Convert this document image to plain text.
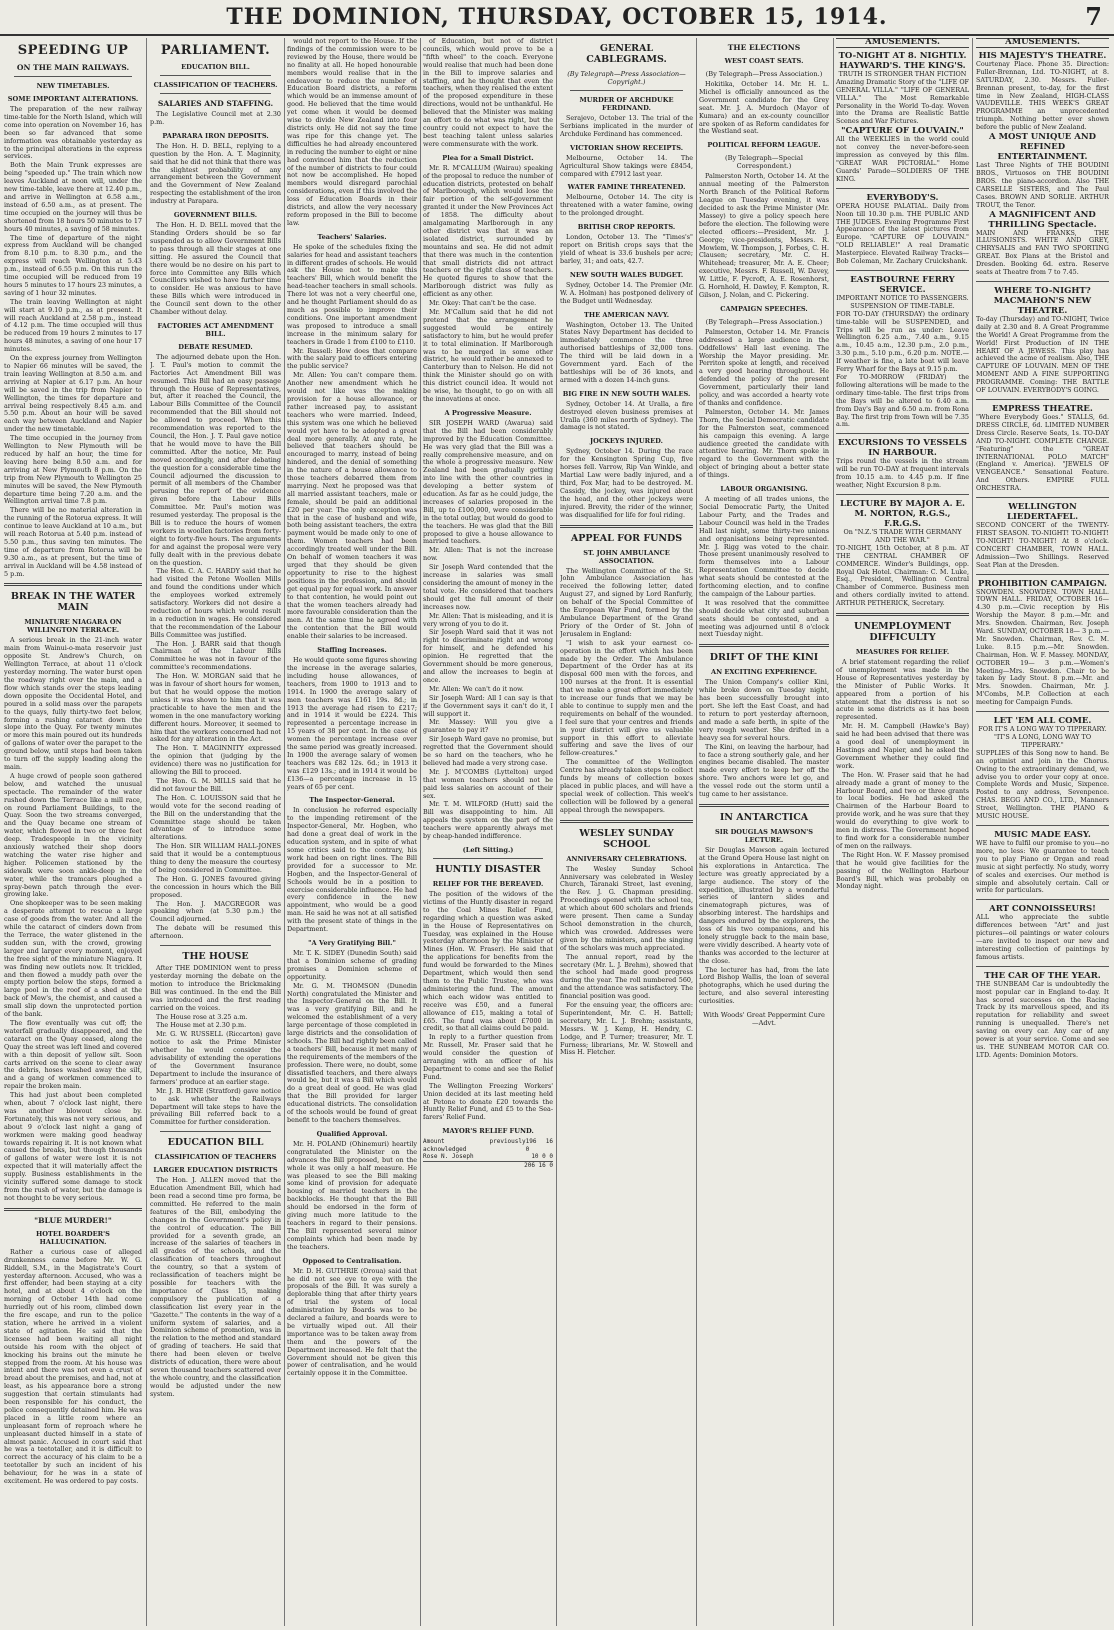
THE DOMINION, THURSDAY, OCTOBER 15, 1914.	7
SPEEDING UP
ON THE MAIN RAILWAYS.
NEW TIMETABLES.
SOME IMPORTANT ALTERATIONS.

The preparation of the new railway time-table for the North Island, which will come into operation on November 16, has been so far advanced that some information was obtainable yesterday as to the principal alterations in the express services.

Both the Main Trunk expresses are being "speeded up." The train which now leaves Auckland at noon will, under the new time-table, leave there at 12.40 p.m., and arrive in Wellington at 6.58 a.m., instead of 6.50 a.m., as at present. The time occupied on the journey will thus be shortened from 18 hours 50 minutes to 17 hours 40 minutes, a saving of 58 minutes.

The time of departure of the night express from Auckland will be changed from 8.10 p.m. to 8.30 p.m., and the express will reach Wellington at 5.43 p.m., instead of 6.55 p.m. On this run the time occupied will be reduced from 19 hours 5 minutes to 17 hours 23 minutes, a saving of 1 hour 32 minutes.

The train leaving Wellington at night will start at 9.10 p.m., as at present. It will reach Auckland at 2.58 p.m., instead of 4.12 p.m. The time occupied will thus be reduced from 19 hours 2 minutes to 17 hours 48 minutes, a saving of one hour 17 minutes.

On the express journey from Wellington to Napier 66 minutes will be saved, the train leaving Wellington at 8.50 a.m. and arriving at Napier at 6.17 p.m. An hour will be saved in the trip from Napier to Wellington, the times for departure and arrival being respectively 8.45 a.m. and 5.50 p.m. About an hour will be saved each way between Auckland and Napier under the new timetable.

The time occupied in the journey from Wellington to New Plymouth will be reduced by half an hour, the time for leaving here being 8.50 a.m. and for arriving at New Plymouth 8 p.m. On the trip from New Plymouth to Wellington 25 minutes will be saved, the New Plymouth departure time being 7.20 a.m. and the Wellington arrival time 7.8 p.m.

There will be no material alteration in the running of the Rotorua express. It will continue to leave Auckland at 10 a.m., but will reach Rotorua at 5.40 p.m. instead of 5.50 p.m., thus saving ten minutes. The time of departure from Rotorua will be 9.30 a.m., as at present, but the time of arrival in Auckland will be 4.58 instead of 5 p.m.

BREAK IN THE WATER MAIN
MINIATURE NIAGARA ON WILLINGTON TERRACE.

A serious break in the 21-inch water main from Wainui-o-mata reservoir just opposite St. Andrew's Church, on Wellington Terrace, at about 11 o'clock yesterday morning. The water burst open the roadway right over the main, and a flow which stands over the steps leading down opposite the Occidental Hotel, and poured in a solid mass over the parapets to the quays, fully thirty-two feet below, forming a rushing cataract down the slope into the Quay. For twenty minutes or more this main poured out its hundreds of gallons of water over the parapet to the ground below, until steps had been taken to turn off the supply leading along the main.

A huge crowd of people soon gathered below, and watched the unusual spectacle. The remainder of the water rushed down the Terrace like a mill race, on round Parliament Buildings, to the Quay. Soon the two streams converged, and the Quay became one stream of water, which flowed in two or three feet deep. Tradespeople in the vicinity anxiously watched their shop doors watching the water rise higher and higher. Policemen stationed by the sidewalk were soon ankle-deep in the water, while the tramcars ploughed a spray-bewn patch through the ever-growing lake.

One shopkeeper was to be seen making a desperate attempt to rescue a large case of goods from the water. And all the while the cataract of cinders down from the Terrace, the water glistened in the sudden sun, with the crowd, growing larger and larger every moment, enjoyed the free sight of the miniature Niagara. It was finding new outlets now. It trickled, and then flowed a muddy path over the empty portion below the steps, formed a large pool in the roof of a shed at the back of Mew's, the chemist, and caused a small slip down the unprotected portion of the bank.

The flow eventually was cut off; the waterfall gradually disappeared, and the cataract on the Quay ceased, along the Quay the street was left lined and covered with a thin deposit of yellow silt. Soon carts arrived on the scene to clear away the debris, hoses washed away the silt, and a gang of workmen commenced to repair the broken main.

This had just about been completed when, about 7 o'clock last night, there was another blowout close by. Fortunately, this was not very serious, and about 9 o'clock last night a gang of workmen were making good headway towards repairing it. It is not known what caused the breaks, but though thousands of gallons of water were lost it is not expected that it will materially affect the supply. Business establishments in the vicinity suffered some damage to stock from the rush of water, but the damage is not thought to be very serious.

"BLUE MURDER!"
HOTEL BOARDER'S HALLUCINATION.

Rather a curious case of alleged drunkenness came before Mr. W. G. Riddell, S.M., in the Magistrate's Court yesterday afternoon. Accused, who was a first offender, had been staying at a city hotel, and at about 4 o'clock on the morning of October 14th had come hurriedly out of his room, climbed down the fire escape, and run to the police station, where he arrived in a violent state of agitation. He said that the licensee had been waiting all night outside his room with the object of knocking his brains out the minute he stepped from the room. At his house was intent and there was not even a crust of bread about the premises, and had, not at least, as his appearance bore a strong suggestion that certain stimulants had been responsible for his conduct, the police consequently detained him. He was placed in a little room where an unpleasant form of reproach where he unpleasant ducted himself in a state of almost panic. Accused in court said that he was a teetotaller, and it is difficult to correct the accuracy of his claim to be a teetotaller by such an incident of his behaviour, for he was in a state of excitement. He was ordered to pay costs.

PARLIAMENT.
EDUCATION BILL.
CLASSIFICATION OF TEACHERS.
SALARIES AND STAFFING.

The Legislative Council met at 2.30 p.m.

PAPARARA IRON DEPOSITS.

The Hon. H. D. BELL, replying to a question by the Hon. A. T. Maginnity, said that he did not think that there was the slightest probability of any arrangement between the Government and the Government of New Zealand respecting the establishment of the iron industry at Parapara.

GOVERNMENT BILLS.

The Hon. H. D. BELL moved that the Standing Orders should be so far suspended as to allow Government Bills to pass through all their stages at one sitting. He assured the Council that there would be no desire on his part to force into Committee any Bills which Councillors wished to have further time to consider. He was anxious to have these Bills which were introduced in the Council sent down to the other Chamber without delay.

FACTORIES ACT AMENDMENT BILL.
DEBATE RESUMED.

The adjourned debate upon the Hon. J. T. Paul's motion to commit the Factories Act Amendment Bill was resumed. This Bill had an easy passage through the House of Representatives, but, after it reached the Council, the Labour Bills Committee of the Council recommended that the Bill should not be allowed to proceed. When this recommendation was reported to the Council, the Hon. J. T. Paul gave notice that he would move to have the Bill committed. After the notice, Mr. Paul moved accordingly, and after debating the question for a considerable time the Council adjourned the discussion to permit of all members of the Chamber perusing the report of the evidence given before the Labour Bills Committee. Mr. Paul's motion was resumed yesterday. The proposal is the Bill is to reduce the hours of women workers in woollen factories from forty-eight to forty-five hours. The arguments for and against the proposal were very fully dealt with in the previous debate on the question.

The Hon. C. A. C. HARDY said that he had visited the Petone Woollen Mills and found the conditions under which the employees worked extremely satisfactory. Workers did not desire a reduction of hours which would result in a reduction in wages. He considered that the recommendation of the Labour Bills Committee was justified.

The Hon. J. BARR said that though Chairman of the Labour Bills Committee he was not in favour of the committee's recommendations.

The Hon. W. MORGAN said that he was in favour of short hours for women, but that he would oppose the motion unless it was shown to him that it was practicable to have the men and the women in the one manufactory working different hours. Moreover, it seemed to him that the workers concerned had not asked for any alteration in the Act.

The Hon. T. MAGINNITY expressed the opinion that (judging by the evidence) there was no justification for allowing the Bill to proceed.

The Hon. G. M. MILLS said that he did not favour the Bill.

The Hon. C. LOUISSON said that he would vote for the second reading of the Bill on the understanding that the Committee stage should be taken advantage of to introduce some alterations.

The Hon. SIR WILLIAM HALL-JONES said that it would be a contemptuous thing to deny the measure the courtesy of being considered in Committee.

The Hon. G. JONES favoured giving the concession in hours which the Bill proposed.

The Hon. J. MACGREGOR was speaking when (at 5.30 p.m.) the Council adjourned.

The debate will be resumed this afternoon.

THE HOUSE

After THE DOMINION went to press yesterday morning the debate on the motion to introduce the Brickmaking Bill was continued. In the end the Bill was introduced and the first reading carried on the voices.

The House rose at 3.25 a.m.

The House met at 2.30 p.m.

Mr. G. W. RUSSELL (Riccarton) gave notice to ask the Prime Minister whether he would consider the advisability of extending the operations of the Government Insurance Department to include the insurance of farmers' produce at an earlier stage.

Mr. J. B. HINE (Stratford) gave notice to ask whether the Railways Department will take steps to have the prevailing Bill referred back to a Committee for further consideration.

EDUCATION BILL
CLASSIFICATION OF TEACHERS
LARGER EDUCATION DISTRICTS

The Hon. J. ALLEN moved that the Education Amendment Bill, which had been read a second time pro forma, be committed. He referred to the main features of the Bill, embodying the changes in the Government's policy in the control of education. The Bill provided for a seventh grade, an increase of the salaries of teachers in all grades of the schools, and the classification of teachers throughout the country, so that a system of reclassification of teachers might be possible for teachers with the importance of Class 15, making compulsory the publication of a classification list every year in the "Gazette." The contents in the way of a uniform system of salaries, and a Dominion scheme of promotion, was in the relation to the method and standard of grading of teachers. He said that there had been eleven or twelve districts of education, there were about seven thousand teachers scattered over the whole country, and the classification would be adjusted under the new system.

would not report to the House. If the findings of the commission were to be reviewed by the House, there would be no finality at all. He hoped honourable members would realise that in the endeavour to reduce the number of Education Board districts, a reform which would be an immense amount of good. He believed that the time would yet come when it would be deemed wise to divide New Zealand into four districts only. He did not say the time was ripe for this change yet. The difficulties he had already encountered in reducing the number to eight or nine had convinced him that the reduction of the number of districts to four could not now be accomplished. He hoped members would disregard parochial considerations, even if this involved the loss of Education Boards in their districts, and allow the very necessary reform proposed in the Bill to become law.

Teachers' Salaries.

He spoke of the schedules fixing the salaries for head and assistant teachers in different grades of schools. He would ask the House not to make this teachers' Bill, which would benefit the head-teacher teachers in small schools. There lot was not a very cheerful one, and he thought Parliament should do as much as possible to improve their conditions. One important amendment was proposed to introduce a small increase in the minimum salary for teachers in Grade 1 from £100 to £110.

Mr. Russell: How does that compare with the salary paid to officers entering the public service?

Mr. Allen: You can't compare them. Another new amendment which he would not like was the making provision for a house allowance, or rather increased pay, to assistant teachers who were married. Indeed, this system was one which he believed would yet have to be adopted a great deal more generally. At any rate, he believed that teachers should be encouraged to marry, instead of being hindered, and the denial of something in the nature of a house allowance to those teachers debarred them from marrying. Next he proposed was that all married assistant teachers, male or female, should be paid an additional £20 per year. The only exception was that in the case of husband and wife, both being assistant teachers, the extra payment would be made only to one of them. Women teachers had been accordingly treated well under the Bill. On behalf of women teachers it was urged that they should be given opportunity to rise to the highest positions in the profession, and should get equal pay for equal work. In answer to that contention, he would point out that the women teachers already had more favourable consideration than the men. At the same time he agreed with the contention that the Bill would enable their salaries to be increased.

Staffing Increases.

He would quote some figures showing the increase in the average salaries, including house allowances, of teachers, from 1900 to 1913 and to 1914. In 1900 the average salary of men teachers was £161 19s. 8d.; in 1913 the average had risen to £217; and in 1914 it would be £224. This represented a percentage increase in 15 years of 38 per cent. In the case of women the percentage increase over the same period was greatly increased. In 1900 the average salary of women teachers was £82 12s. 6d.; in 1913 it was £129 13s.; and in 1914 it would be £136—a percentage increase in 15 years of 65 per cent.

The Inspector-General.

In conclusion he referred especially to the impending retirement of the Inspector-General, Mr. Hogben, who had done a great deal of work in the education system, and in spite of what some critics said to the contrary, his work had been on right lines. The Bill provided for a successor to Mr. Hogben, and the Inspector-General of Schools would be in a position to exercise considerable influence. He had every confidence in the new appointment, who would be a good man. He said he was not at all satisfied with the present state of things in the Department.

"A Very Gratifying Bill."

Mr. T. K. SIDEY (Dunedin South) said that a Dominion scheme of grading promises a Dominion scheme of opportunity.

Mr. G. M. THOMSON (Dunedin North) congratulated the Minister and the Inspector-General on the Bill. It was a very gratifying Bill, and he welcomed the establishment of a very large percentage of those completed in large districts and the consolidation of schools. The Bill had rightly been called a teachers' Bill, because it met many of the requirements of the members of the profession. There were, no doubt, some dissatisfied teachers, and there always would be, but it was a Bill which would do a great deal of good. He was glad that the Bill provided for larger educational districts. The consolidation of the schools would be found of great benefit to the teachers themselves.

Qualified Approval.

Mr. H. POLAND (Ohinemuri) heartily congratulated the Minister on the advances the Bill proposed, but on the whole it was only a half measure. He was pleased to see the Bill making some kind of provision for adequate housing of married teachers in the backblocks. He thought that the Bill should be endorsed in the form of giving much more latitude to the teachers in regard to their pensions. The Bill represented several minor complaints which had been made by the teachers.

Opposed to Centralisation.

Mr. D. H. GUTHRIE (Oroua) said that he did not see eye to eye with the proposals of the Bill. It was surely a deplorable thing that after thirty years of trial the system of local administration by Boards was to be declared a failure, and boards were to be virtually wiped out. All their importance was to be taken away from them and the powers of the Department increased. He felt that the Government should not be given this power of centralisation, and he would certainly oppose it in the Committee.

of Education, but not of district councils, which would prove to be a "fifth wheel" to the coach. Everyone would realise that much had been done in the Bill to improve salaries and staffing, and he thought that even the teachers, when they realised the extent of the proposed expenditure in these directions, would not be unthankful. He believed that the Minister was making an effort to do what was right, but the country could not expect to have the best teaching talent unless salaries were commensurate with the work.

Plea for a Small District.

Mr. R. M'CALLUM (Wairau) speaking of the proposal to reduce the number of education districts, protested on behalf of Marlborough, which would lose the fair portion of the self-government granted it under the New Provinces Act of 1858. The difficulty about amalgamating Marlborough in any other district was that it was an isolated district, surrounded by mountains and sea. He did not admit that there was much in the contention that small districts did not attract teachers or the right class of teachers. He quoted figures to show that the Marlborough district was fully as efficient as any other.

Mr. Okey: That can't be the case.

Mr. M'Callum said that he did not pretend that the arrangement he suggested would be entirely satisfactory to him, but he would prefer it to total elimination. If Marlborough was to be merged in some other district, he would rather be annexed to Canterbury than to Nelson. He did not think the Minister should go on with this district council idea. It would not be wise, he thought, to go on with all the innovations at once.

A Progressive Measure.

SIR JOSEPH WARD (Awarua) said that the Bill had been considerably improved by the Education Committee. He was very glad that the Bill was a really comprehensive measure, and on the whole a progressive measure. New Zealand had been gradually getting into line with the other countries in developing a better system of education. As far as he could judge, the increases of salaries proposed in the Bill, up to £100,000, were considerable in the total outlay, but would do good to the teachers. He was glad that the Bill proposed to give a house allowance to married teachers.

Mr. Allen: That is not the increase now.

Sir Joseph Ward contended that the increase in salaries was small considering the amount of money in the total vote. He considered that teachers should get the full amount of their increases now.

Mr. Allen: That is misleading, and it is very wrong of you to do it.

Sir Joseph Ward said that it was not right to discriminate right and wrong for himself, and he defended his opinion. He regretted that the Government should be more generous, and allow the increases to begin at once.

Mr. Allen: We can't do it now.

Sir Joseph Ward: All I can say is that if the Government says it can't do it, I will support it.

Mr. Massey: Will you give a guarantee to pay it?

Sir Joseph Ward gave no promise, but regretted that the Government should be so hard on the teachers, who he believed had made a very strong case.

Mr. J. M'COMBS (Lyttelton) urged that women teachers should not be paid less salaries on account of their sex.

Mr. T. M. WILFORD (Hutt) said the Bill was disappointing to him. All appeals the system on the part of the teachers were apparently always met by cheap-handed indifference.

(Left Sitting.)
HUNTLY DISASTER
RELIEF FOR THE BEREAVED.

The position of the widows of the victims of the Huntly disaster in regard to the Coal Mines Relief Fund, regarding which a question was asked in the House of Representatives on Tuesday, was explained in the House yesterday afternoon by the Minister of Mines (Hon. W. Fraser). He said that the applications for benefits from the fund would be forwarded to the Mines Department, which would then send them to the Public Trustee, who was administering the fund. The amount which each widow was entitled to receive was £50, and a funeral allowance of £15, making a total of £65. The fund was about £7000 in credit, so that all claims could be paid.

In reply to a further question from Mr. Russell, Mr. Fraser said that he would consider the question of arranging with an officer of his Department to come and see the Relief Fund.

The Wellington Freezing Workers' Union decided at its last meeting held at Petone to donate £20 towards the Huntly Relief Fund, and £5 to the Sea-farers' Relief Fund.

MAYOR'S RELIEF FUND.
Amount previously acknowledged
196 16 0
Rose N. Joseph	10 0 0
206 16 0
GENERAL CABLEGRAMS.
(By Telegraph—Press Association—Copyright.)
MURDER OF ARCHDUKE FERDINAND.

Serajevo, October 13. The trial of the Serbians implicated in the murder of Archduke Ferdinand has commenced.

VICTORIAN SHOW RECEIPTS.

Melbourne, October 14. The Agricultural Show takings were £8454, compared with £7912 last year.

WATER FAMINE THREATENED.

Melbourne, October 14. The city is threatened with a water famine, owing to the prolonged drought.

BRITISH CROP REPORTS.

London, October 13. The "Times's" report on British crops says that the yield of wheat is 33.6 bushels per acre; barley, 31; and oats, 42.7.

NEW SOUTH WALES BUDGET.

Sydney, October 14. The Premier (Mr. W. A. Holman) has postponed delivery of the Budget until Wednesday.

THE AMERICAN NAVY.

Washington, October 13. The United States Navy Department has decided to immediately commence the three authorised battleships of 32,000 tons. The third will be laid down in a Government yard. Each of the battleships will be of 36 knots, and armed with a dozen 14-inch guns.

BIG FIRE IN NEW SOUTH WALES.

Sydney, October 14. At Uralla, a fire destroyed eleven business premises at Uralla (360 miles north of Sydney). The damage is not stated.

JOCKEYS INJURED.

Sydney, October 14. During the race for the Kensington Spring Cup, five horses fell. Varrow, Rip Van Winkle, and Martial Law were badly injured, and a third, Fox Mar, had to be destroyed. M. Cassidy, the jockey, was injured about the head, and the other jockeys were injured. Brevity, the rider of the winner, was disqualified for life for foul riding.

APPEAL FOR FUNDS
ST. JOHN AMBULANCE ASSOCIATION.

The Wellington Committee of the St. John Ambulance Association has received the following letter, dated August 27, and signed by Lord Ranfurly, on behalf of the Special Committee of the European War Fund, formed by the Ambulance Department of the Grand Priory of the Order of St. John of Jerusalem in England:

"I wish to ask your earnest co-operation in the effort which has been made by the Order. The Ambulance Department of the Order has at its disposal 600 men with the forces, and 100 nurses at the front. It is essential that we make a great effort immediately to increase our funds that we may be able to continue to supply men and the requirements on behalf of the wounded. I feel sure that your centres and friends in your district will give us valuable support in this effort to alleviate suffering and save the lives of our fellow-creatures."

The committee of the Wellington Centre has already taken steps to collect funds by means of collection boxes placed in public places, and will have a special week of collection. This week's collection will be followed by a general appeal through the newspapers.

WESLEY SUNDAY SCHOOL
ANNIVERSARY CELEBRATIONS.

The Wesley Sunday School Anniversary was celebrated in Wesley Church, Taranaki Street, last evening, the Rev. J. G. Chapman presiding. Proceedings opened with the school tea, at which about 600 scholars and friends were present. Then came a Sunday School demonstration in the church, which was crowded. Addresses were given by the ministers, and the singing of the scholars was much appreciated.

The annual report, read by the secretary (Mr. L. J. Brehm), showed that the school had made good progress during the year. The roll numbered 560, and the attendance was satisfactory. The financial position was good.

For the ensuing year, the officers are: Superintendent, Mr. C. H. Battell; secretary, Mr. L. J. Brehm; assistants, Messrs. W. J. Kemp, H. Hendry, C. Lodge, and P. Turner; treasurer, Mr. T. Furness; librarians, Mr. W. Stowell and Miss H. Fletcher.

THE ELECTIONS
WEST COAST SEATS.
(By Telegraph—Press Association.)

Hokitika, October 14. Mr. H. L. Michel is officially announced as the Government candidate for the Grey seat. Mr. J. A. Murdoch (Mayor of Kumara) and an ex-county councillor are spoken of as Reform candidates for the Westland seat.

POLITICAL REFORM LEAGUE.
(By Telegraph—Special Correspondent.)

Palmerston North, October 14. At the annual meeting of the Palmerston North Branch of the Political Reform League on Tuesday evening, it was decided to ask the Prime Minister (Mr. Massey) to give a policy speech here before the election. The following were elected officers:—President, Mr. J. George; vice-presidents, Messrs. R. Mowlem, W. Thompson, J. Forbes, C. H. Clausen; secretary, Mr. C. H. Whitehead; treasurer, Mr. A. E. Cheer; executive, Messrs. F. Russell, W. Davey, W. Little, F. Pycroft, A. E. Rosenhorst, G. Hornhold, H. Dawley, F. Kempton, R. Gilson, J. Nolan, and C. Pickering.

CAMPAIGN SPEECHES.
(By Telegraph—Press Association.)

Palmerston, October 14. Mr. Francis addressed a large audience in the Oddfellows' Hall last evening. The Worship the Mayor presiding. Mr. Perriton spoke at length, and received a very good hearing throughout. He defended the policy of the present Government, particularly their land policy, and was accorded a hearty vote of thanks and confidence.

Palmerston, October 14. Mr. James Thorn, the Social Democratic candidate for the Palmerston seat, commenced his campaign this evening. A large audience greeted the candidate with attentive hearing. Mr. Thorn spoke in regard to the Government with the object of bringing about a better state of things.

LABOUR ORGANISING.

A meeting of all trades unions, the Social Democratic Party, the United Labour Party, and the Trades and Labour Council was held in the Trades Hall last night, some thirty-two unions and organisations being represented. Mr. J. Rigg was voted to the chair. Those present unanimously resolved to form themselves into a Labour Representation Committee to decide what seats should be contested at the forthcoming election, and to confine the campaign of the Labour parties.

It was resolved that the committee should decide what city and suburban seats should be contested, and a meeting was adjourned until 8 o'clock next Tuesday night.

DRIFT OF THE KINI
AN EXCITING EXPERIENCE.

The Union Company's collier Kini, while broke down on Tuesday night, has been successfully brought into port. She left the East Coast, and had to return to port yesterday afternoon, and made a safe berth, in spite of the very rough weather. She drifted in a heavy sea for several hours.

The Kini, on leaving the harbour, had to face a strong southerly gale, and her engines became disabled. The master made every effort to keep her off the shore. Two anchors were let go, and the vessel rode out the storm until a tug came to her assistance.

IN ANTARCTICA
SIR DOUGLAS MAWSON'S LECTURE.

Sir Douglas Mawson again lectured at the Grand Opera House last night on his explorations in Antarctica. The lecture was greatly appreciated by a large audience. The story of the expedition, illustrated by a wonderful series of lantern slides and cinematograph pictures, was of absorbing interest. The hardships and dangers endured by the explorers, the loss of his two companions, and his lonely struggle back to the main base, were vividly described. A hearty vote of thanks was accorded to the lecturer at the close.

The lecturer has had, from the late Lord Bishop Wallis, the loan of several photographs, which he used during the lecture, and also several interesting curiosities.

With Woods' Great Peppermint Cure —Advt.
AMUSEMENTS.
TO-NIGHT AT 8. NIGHTLY. HAYWARD'S. THE KING'S.
TRUTH IS STRONGER THAN FICTION
Amazing Dramatic Story of the "LIFE OF GENERAL VILLA." "LIFE OF GENERAL VILLA." The Most Remarkable Personality in the World To-day. Woven into the Drama are Realistic Battle Scenes and War Pictures.
"CAPTURE OF LOUVAIN."
All the WEEKLIES in the world could not convey the never-before-seen impression as conveyed by this film. "GREAT WAR PICTORIAL." Home Guards' Parade—SOLDIERS OF THE KING.
EVERYBODY'S.
OPERA HOUSE PALATIAL. Daily from Noon till 10.30 p.m. THE PUBLIC AND THE JUDGES. Evening Programme First Appearance of the latest pictures from Europe. "CAPTURE OF LOUVAIN." "OLD RELIABLE!" A real Dramatic Masterpiece. Elevated Railway Tracks—Bob Coleman, Mr. Zachary Cruickshank.
EASTBOURNE FERRY SERVICE.
IMPORTANT NOTICE TO PASSENGERS.
SUSPENSION OF TIME-TABLE.
FOR TO-DAY (THURSDAY) the ordinary time-table will be SUSPENDED, and Trips will be run as under: Leave Wellington 6.25 a.m., 7.40 a.m., 9.15 a.m., 10.45 a.m., 12.30 p.m., 2.0 p.m., 3.30 p.m., 5.10 p.m., 6.20 p.m. NOTE.—If weather is fine, a late boat will leave Ferry Wharf for the Bays at 9.15 p.m.
For TO-MORROW (FRIDAY) the following alterations will be made to the ordinary time-table. The first trips from the Bays will be altered to 6.40 a.m. from Day's Bay and 6.50 a.m. from Rona Bay. The first trip from Town will be 7.35 a.m.
EXCURSIONS TO VESSELS IN HARBOUR.
Trips round the vessels in the stream will be run TO-DAY at frequent intervals from 10.15 a.m. to 4.45 p.m. If fine weather, Night Excursion 8 p.m.
LECTURE BY MAJOR A. E. M. NORTON, R.G.S., F.R.G.S.
On "N.Z.'S TRADE WITH GERMANY AND THE WAR."
TO-NIGHT, 15th October, at 8 p.m. AT THE CENTRAL CHAMBER OF COMMERCE. Winder's Buildings, opp. Royal Oak Hotel. Chairman: C. M. Luke, Esq., President, Wellington Central Chamber of Commerce. Business men and others cordially invited to attend. ARTHUR PETHERICK, Secretary.
UNEMPLOYMENT DIFFICULTY
MEASURES FOR RELIEF.

A brief statement regarding the relief of unemployment was made in the House of Representatives yesterday by the Minister of Public Works. It appeared from a portion of his statement that the distress is not so acute in some districts as it has been represented.

Mr. H. M. Campbell (Hawke's Bay) said he had been advised that there was a good deal of unemployment in Hastings and Napier, and he asked the Government whether they could find work.

The Hon. W. Fraser said that he had already made a grant of money to the Harbour Board, and two or three grants to local bodies. He had asked the Chairmen of the Harbour Board to provide work, and he was sure that they would do everything to give work to men in distress. The Government hoped to find work for a considerable number of men on the railways.

The Right Hon. W. F. Massey promised that he would give facilities for the passing of the Wellington Harbour Board's Bill, which was probably on Monday night.

AMUSEMENTS.
HIS MAJESTY'S THEATRE.
Courtenay Place. Phone 35. Direction: Fuller-Brennan, Ltd. TO-NIGHT, at 8. SATURDAY, 2.30. Messrs. Fuller-Brennan present, to-day, for the first time in New Zealand, HIGH-CLASS VAUDEVILLE. THIS WEEK'S GREAT PROGRAMME an unprecedented triumph. Nothing better ever shown before the public of New Zealand.
A MOST UNIQUE AND REFINED ENTERTAINMENT.
Last Three Nights of THE BOUDINI BROS., Virtuosos on THE BOUDINI BROS. the piano-accordion. Also THE CARSELLE SISTERS, and The Paul Cases. BROWN AND SORLIE. ARTHUR TROUT, the Tenor.
A MAGNIFICENT AND THRILLING Spectacle.
MAIN AND FRANKS, THE ILLUSIONISTS. WHITE AND GREY, CHRYSALIS and FAN TWO SPORTING GREAT. Box Plans at the Bristol and Dresden. Booking 6d. extra. Reserve seats at Theatre from 7 to 7.45.
WHERE TO-NIGHT? MACMAHON'S NEW THEATRE.
To-day (Thursday) and TO-NIGHT, Twice daily at 2.30 and 8. A Great Programme the World! A Great Programme from the World! First Production of IN THE HEART OF A JEWESS. This play has achieved the acme of realism. Also, THE CAPTURE OF LOUVAIN. MEN OF THE MOMENT AND A FINE SUPPORTING PROGRAMME. Coming: THE BATTLE OF LOUVAIN. EVERYBODY'S GOING.
EMPRESS THEATRE.
"Where Everybody Goes." STALLS, 6d. DRESS CIRCLE, 6d. LIMITED NUMBER Dress Circle. Reserve Seats, 1s. TO-DAY AND TO-NIGHT. COMPLETE CHANGE. "Featuring" the "GREAT INTERNATIONAL POLO MATCH" (England v. America). "JEWELS OF VENGEANCE." Sensational Feature. And Others. EMPIRE FULL ORCHESTRA.
WELLINGTON LIEDERTAFEL.
SECOND CONCERT of the TWENTY-FIRST SEASON. TO-NIGHT! TO-NIGHT! TO-NIGHT! TO-NIGHT! At 8 o'clock. CONCERT CHAMBER, TOWN HALL. Admission—Two Shillings. Reserved Seat Plan at the Dresden.
PROHIBITION CAMPAIGN.
SNOWDEN. SNOWDEN. TOWN HALL. TOWN HALL. FRIDAY, OCTOBER 16— 4.30 p.m.—Civic reception by His Worship the Mayor. 8 p.m.—Mr. and Mrs. Snowden. Chairman, Rev. Joseph Ward. SUNDAY, OCTOBER 18— 3 p.m.—Mr. Snowden. Chairman, Rev. C. M. Luke. 8.15 p.m.—Mr. Snowden. Chairman, Hon. W. F. Massey. MONDAY, OCTOBER 19— 3 p.m.—Women's Meeting—Mrs. Snowden. Chair to be taken by Lady Stout. 8 p.m.—Mr. and Mrs. Snowden. Chairman, Mr. J. M'Combs, M.P. Collection at each meeting for Campaign Funds.
LET 'EM ALL COME.
FOR IT'S A LONG WAY TO TIPPERARY.
"IT'S A LONG, LONG WAY TO TIPPERARY."
SUPPLIES of this Song now to hand. Be an optimist and join in the Chorus. Owing to the extraordinary demand, we advise you to order your copy at once. Complete Words and Music, Sixpence. Posted to any address, Sevenpence. CHAS. BEGG AND CO., LTD., Manners Street, Wellington. THE PIANO & MUSIC HOUSE.
MUSIC MADE EASY.
WE have to fulfil our promise to you—no more, no less: We guarantee to teach you to play Piano or Organ and read music at sight perfectly. No study, worry of scales and exercises. Our method is simple and absolutely certain. Call or write for particulars.
ART CONNOISSEURS!
ALL who appreciate the subtle differences between "Art" and just pictures—oil paintings or water colours—are invited to inspect our new and interesting collection of paintings by famous artists.
THE CAR OF THE YEAR.
THE SUNBEAM Car is undoubtedly the most popular car in England to-day. It has scored successes on the Racing Track by its marvellous speed, and its reputation for reliability and sweet running is unequalled. There's net saving on every car. Any car of any power is at your service. Come and see us. THE SUNBEAM MOTOR CAR CO. LTD. Agents: Dominion Motors.
